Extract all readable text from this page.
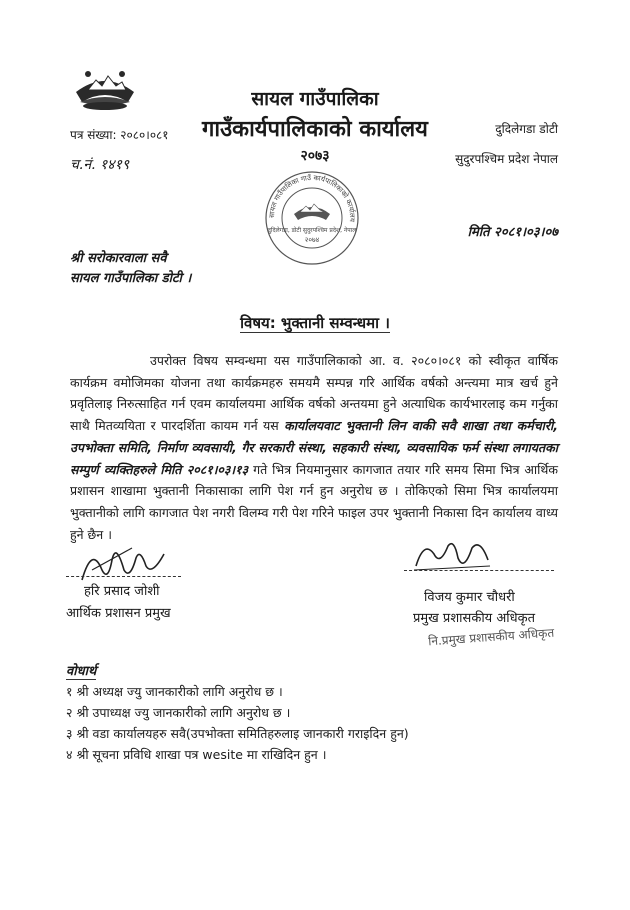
सायल गाउँपालिका
गाउँकार्यपालिकाको कार्यालय
२०७३
पत्र संख्या: २०८०।०८१
च.नं. १४१९
दुदिलेगडा डोटी
सुदुरपश्चिम प्रदेश नेपाल
सायल गाउँपालिका गाउँ कार्यपालिकाको कार्यालय
दुदिलेगडा, डोटी सुदुरपश्चिम प्रदेश, नेपाल
२०७४	मिति २०८१।०३।०७
श्री सरोकारवाला सवै
सायल गाउँपालिका डोटी ।
विषय: भुक्तानी सम्वन्धमा ।
उपरोक्त विषय सम्वन्धमा यस गाउँपालिकाको आ. व. २०८०।०८१ को स्वीकृत वार्षिक कार्यक्रम वमोजिमका योजना तथा कार्यक्रमहरु समयमै सम्पन्न गरि आर्थिक वर्षको अन्त्यमा मात्र खर्च हुने प्रवृतिलाइ निरुत्साहित गर्न एवम कार्यालयमा आर्थिक वर्षको अन्तयमा हुने अत्याधिक कार्यभारलाइ कम गर्नुका साथै मितव्ययिता र पारदर्शिता कायम गर्न यस कार्यालयवाट भुक्तानी लिन वाकी सवै शाखा तथा कर्मचारी, उपभोक्ता समिति, निर्माण व्यवसायी, गैर सरकारी संस्था, सहकारी संस्था, व्यवसायिक फर्म संस्था लगायतका सम्पुर्ण व्यक्तिहरुले मिति २०८१।०३।१३ गते भित्र नियमानुसार कागजात तयार गरि समय सिमा भित्र आर्थिक प्रशासन शाखामा भुक्तानी निकासाका लागि पेश गर्न हुन अनुरोध छ । तोकिएको सिमा भित्र कार्यालयमा भुक्तानीको लागि कागजात पेश नगरी विलम्व गरी पेश गरिने फाइल उपर भुक्तानी निकासा दिन कार्यालय वाध्य हुने छैन ।
हरि प्रसाद जोशी
आर्थिक प्रशासन प्रमुख
विजय कुमार चौधरी
प्रमुख प्रशासकीय अधिकृत
नि.प्रमुख प्रशासकीय अधिकृत
वोधार्थ
१ श्री अध्यक्ष ज्यु जानकारीको लागि अनुरोध छ ।
२ श्री उपाध्यक्ष ज्यु जानकारीको लागि अनुरोध छ ।
३ श्री वडा कार्यालयहरु सवै(उपभोक्ता समितिहरुलाइ जानकारी गराइदिन हुन)
४ श्री सूचना प्रविधि शाखा पत्र wesite मा राखिदिन हुन ।
